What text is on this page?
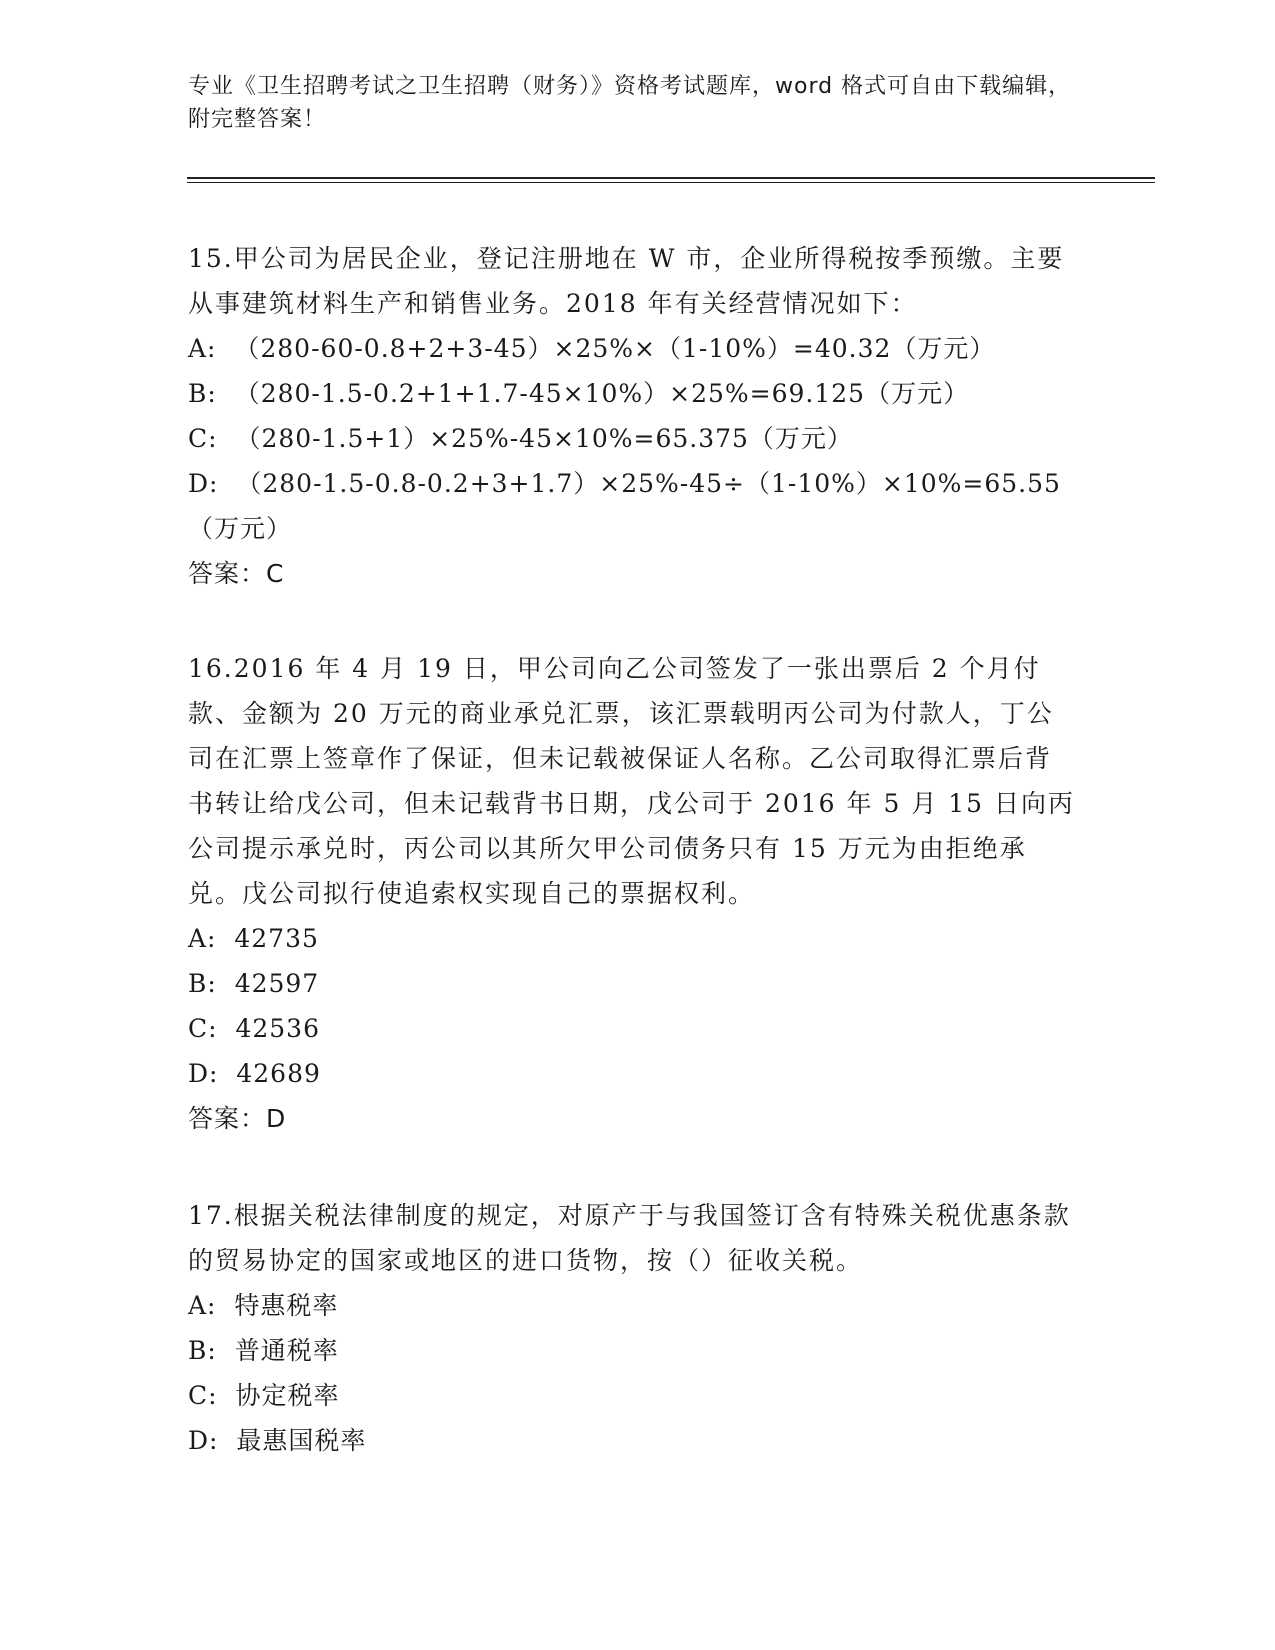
专业《卫生招聘考试之卫生招聘（财务）》资格考试题库，word 格式可自由下载编辑，附完整答案！

15.甲公司为居民企业，登记注册地在 W 市，企业所得税按季预缴。主要从事建筑材料生产和销售业务。2018 年有关经营情况如下：

A:  （280-60-0.8+2+3-45）×25%×（1-10%）=40.32（万元）

B:  （280-1.5-0.2+1+1.7-45×10%）×25%=69.125（万元）

C:  （280-1.5+1）×25%-45×10%=65.375（万元）

D:  （280-1.5-0.8-0.2+3+1.7）×25%-45÷（1-10%）×10%=65.55（万元）

答案：C

16.2016 年 4 月 19 日，甲公司向乙公司签发了一张出票后 2 个月付款、金额为 20 万元的商业承兑汇票，该汇票载明丙公司为付款人，丁公司在汇票上签章作了保证，但未记载被保证人名称。乙公司取得汇票后背书转让给戊公司，但未记载背书日期，戊公司于 2016 年 5 月 15 日向丙公司提示承兑时，丙公司以其所欠甲公司债务只有 15 万元为由拒绝承兑。戊公司拟行使追索权实现自己的票据权利。

A:  42735

B:  42597

C:  42536

D:  42689

答案：D

17.根据关税法律制度的规定，对原产于与我国签订含有特殊关税优惠条款的贸易协定的国家或地区的进口货物，按（）征收关税。

A:  特惠税率

B:  普通税率

C:  协定税率

D:  最惠国税率
